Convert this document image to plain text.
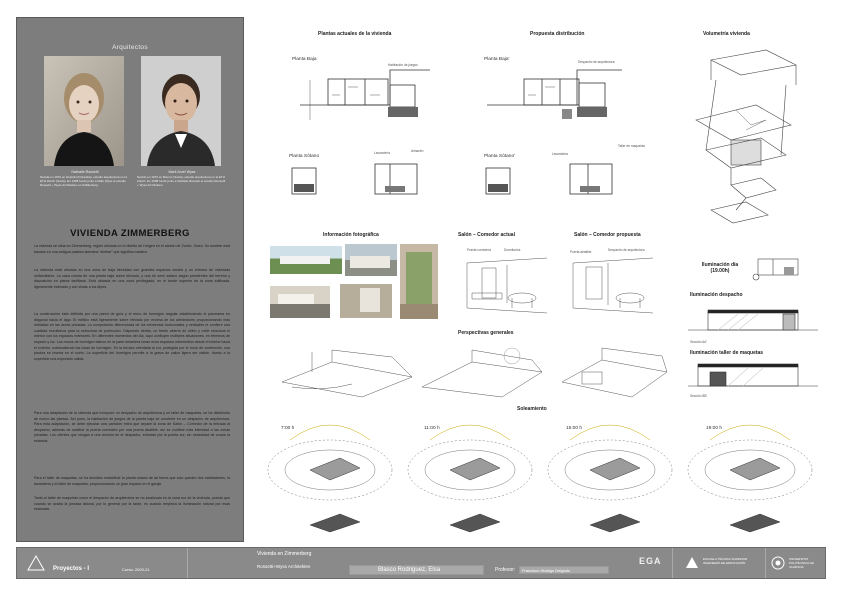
Arquitectos
Nathalie Rossetti
Nacida en 1970 en Helsinki (Finlandia), estudió arquitectura en la ETH Zürich (Suiza). En 1998 fundó junto a Mark Wyss el estudio Rossetti + Wyss Architekten en Zollikerberg.
Mark Aurel Wyss
Nacido en 1970 en Bienne (Suiza), estudió arquitectura en la ETH Zürich. En 1998 fundó junto a Nathalie Rossetti el estudio Rossetti + Wyss Architekten.
VIVIENDA ZIMMERBERG
La vivienda se sitúa en Zimmerberg, región ubicada en el distrito de Horgen en el cantón de Zurich, Suiza. Su nombre está basado en una antigua palabra alemana “zimbar” que significa madera.
La vivienda está ubicada en una zona de baja densidad con grandes espacios verdes y un entorno de viviendas unifamiliares. La casa consta de una planta baja sobre elevada, y una de semi sótano según pendientes del terreno y disposición en planta facilitada. Está ubicada en una zona privilegiada, en el borde superior de la zona edificada, ligeramente inclinado y con vistas a los Alpes.
La construcción está definida por una pared de guía y el muro de hormigón angular estableciendo el panorama en diagonal hacia el lago. El edificio está ligeramente sobre elevado por encima de los alrededores proporcionando más intimidad en las áreas privadas. La composición diferenciada de los elementos horizontales y verticales le confiere una cualidad escultórica para la estructura de protección. Dispuesto detrás, un frente abierto de vidrio y roble relaciona el interior con los espacios exteriores. En diferentes momentos del día, aquí confluyen múltiples situaciones, en términos de espacio y luz. Los muros de hormigón blanco en la parte delantera crean unos espacios intermedios desde el interior hacia el exterior, sobresaliendo las losas de hormigón. En la terraza orientada al sur, protegida por el muro de contención, una piscina se inserta en el suelo. La superficie del hormigón permite a la grava de calizo ligera ser visible, dando a la superficie una expresión cálida.
Para una adaptación de la vivienda que incorpore un despacho de arquitectura y un taller de maquetas, se ha distribuido de nuevo las plantas. Así pues, la habitación de juegos de la planta baja se convierte en un despacho de arquitectura. Para esta adaptación, se debe ejecutar una partición extra que separe la zona de Salón – Comedor de la entrada al despacho, además de sustituir la puerta corredera por una puerta abatible, así se confiere más intimidad a las zonas privadas. Los clientes que vengan a una reunión en el despacho, entrarán por la puerta sur, sin necesidad de cruzar la estancia.
Para el taller de maquetas, se ha decidido redistribuir la planta sótano de tal forma que solo queden dos habitaciones, la lavandería y el taller de maquetas, proporcionando un gran espacio en el garaje.
Tanto el taller de maquetas como el despacho de arquitectura se ha localizado en la zona sur de la vivienda, puesto que cuando se acaba la jornada laboral, por lo general por la tarde, es cuando empieza la iluminación natural por esas estancias.
Plantas actuales de la vivienda	Propuesta distribución	Volumetría vivienda
Planta Baja
Habitación de juegos
Planta Sótano
Lavandería	Almacén
Planta Baja'	Despacho de arquitectura
Planta Sótano'	Lavandería
Taller de maquetas
Información fotográfica	Salón – Comedor actual	Salón – Comedor propuesta
Puerta corredera	Dormitorios	Puerta abatible	Despacho de arquitectura
Iluminación día (19.00h)
Iluminación despacho
Sección AA'
Iluminación taller de maquetas
Sección BB'
Perspectivas generales
Soleamiento
7:00 h	11:00 h	15:00 h	19:00 h
Proyectos - I	Curso: 2020-21
Vivienda en Zimmerberg
Rossetti+Wyss Architekten
Blasco Rodriguez, Elsa	Profesor: Francisco Hidalgo Delgado
EGA	ESCUELA TÉCNICA SUPERIOR INGENIERÍA DE EDIFICACIÓN
UNIVERSITAT POLITÈCNICA DE VALÈNCIA
